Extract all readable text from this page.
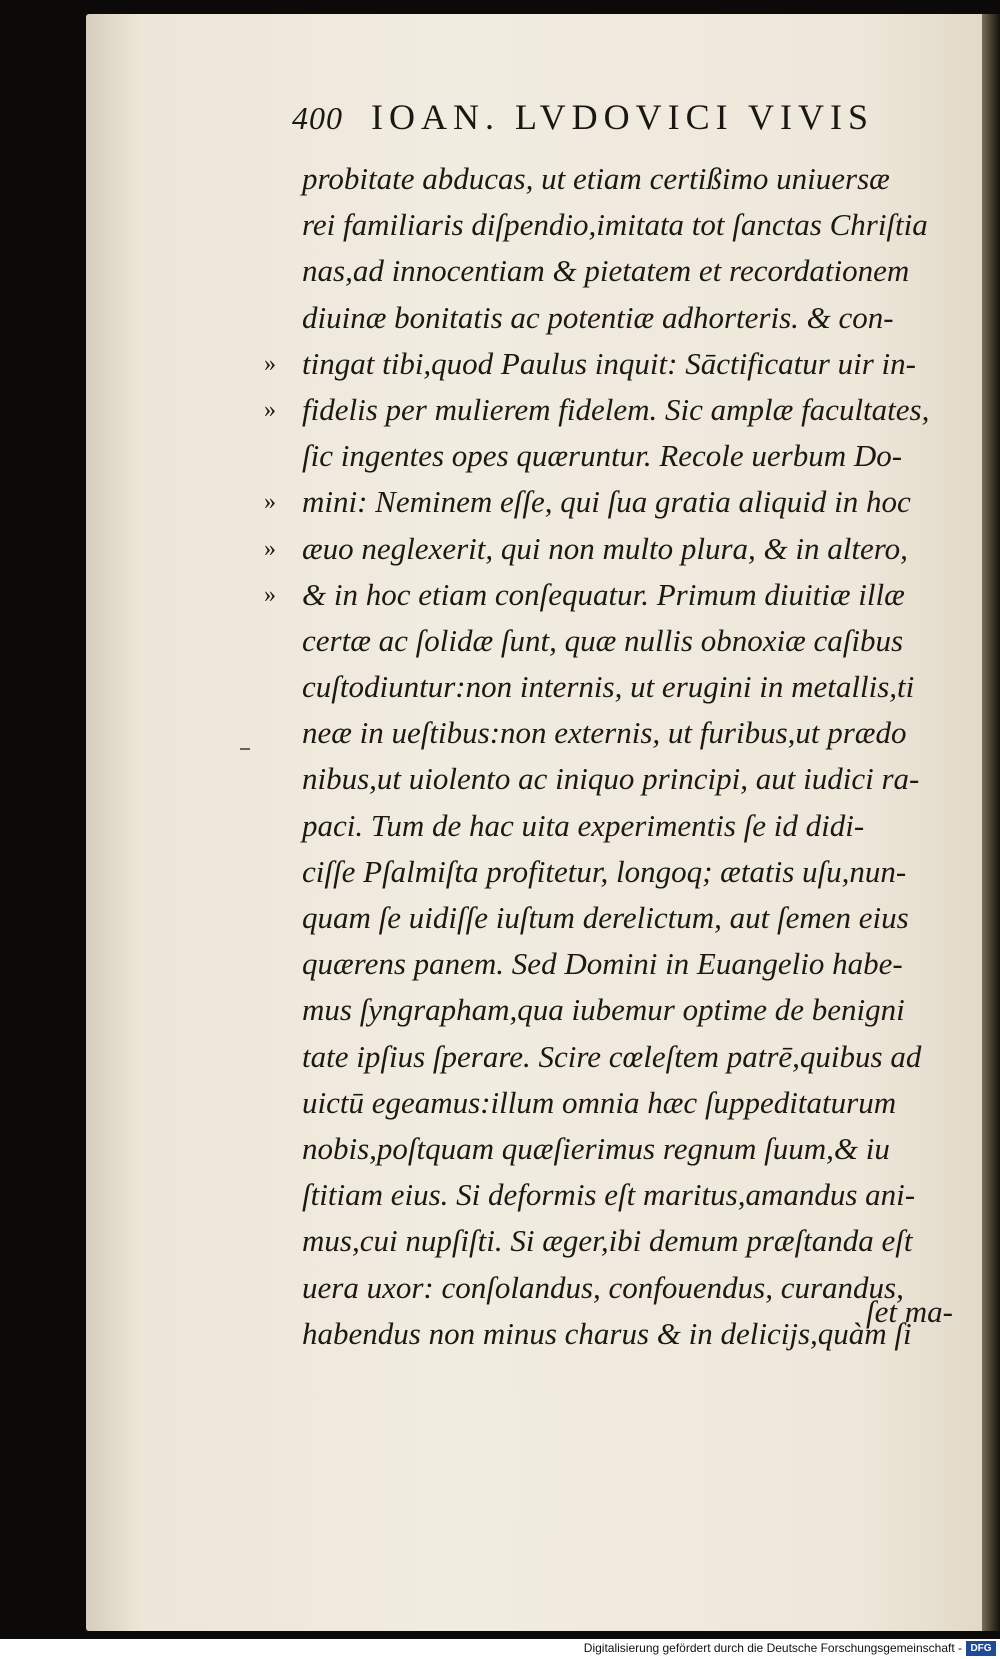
400 IOAN. LVDOVICI VIVIS
probitate abducas, ut etiam certißimo uniuersæ
rei familiaris diſpendio,imitata tot ſanctas Chriſtia
nas,ad innocentiam & pietatem et recordationem
diuinæ bonitatis ac potentiæ adhorteris. & con-
» tingat tibi,quod Paulus inquit: Sāctificatur uir in-
» fidelis per mulierem fidelem. Sic amplæ facultates,
ſic ingentes opes quæruntur. Recole uerbum Do-
» mini: Neminem eſſe, qui ſua gratia aliquid in hoc
» æuo neglexerit, qui non multo plura, & in altero,
» & in hoc etiam conſequatur. Primum diuitiæ illæ
certæ ac ſolidæ ſunt, quæ nullis obnoxiæ caſibus
cuſtodiuntur:non internis, ut erugini in metallis,ti
neæ in ueſtibus:non externis, ut furibus,ut prædo
nibus,ut uiolento ac iniquo principi, aut iudici ra-
paci. Tum de hac uita experimentis ſe id didi-
ciſſe Pſalmiſta profitetur, longoq; ætatis uſu,nun-
quam ſe uidiſſe iuſtum derelictum, aut ſemen eius
quærens panem. Sed Domini in Euangelio habe-
mus ſyngrapham,qua iubemur optime de benigni
tate ipſius ſperare. Scire cœleſtem patrē,quibus ad
uictū egeamus:illum omnia hæc ſuppeditaturum
nobis,poſtquam quæſierimus regnum ſuum,& iu
ſtitiam eius. Si deformis eſt maritus,amandus ani-
mus,cui nupſiſti. Si æger,ibi demum præſtanda eſt
uera uxor: conſolandus, confouendus, curandus,
habendus non minus charus & in delicijs,quàm ſi
ſet ma-
Digitalisierung gefördert durch die Deutsche Forschungsgemeinschaft - DFG
